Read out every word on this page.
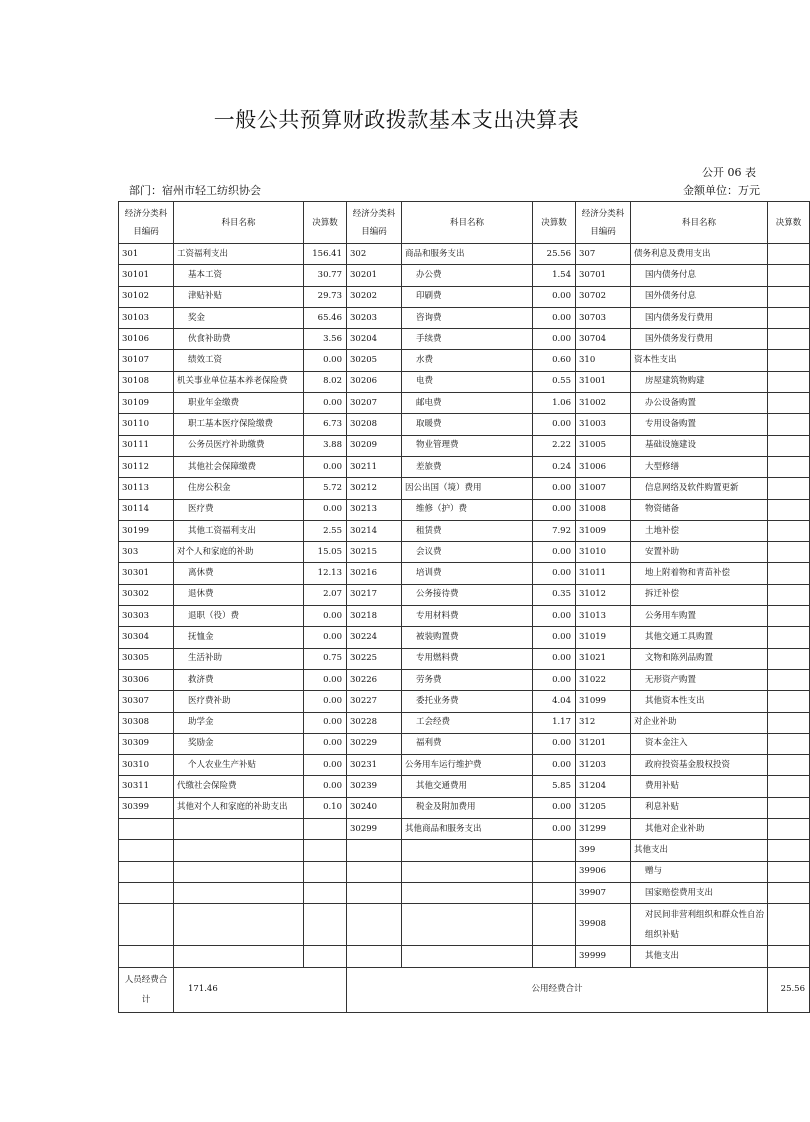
一般公共预算财政拨款基本支出决算表
公开 06 表
部门：宿州市轻工纺织协会	金额单位：万元
经济分类科目编码	科目名称	决算数	经济分类科目编码	科目名称	决算数	经济分类科目编码	科目名称	决算数
301	工资福利支出	156.41	302	商品和服务支出	25.56	307	债务利息及费用支出	
30101	基本工资	30.77	30201	办公费	1.54	30701	国内债务付息	
30102	津贴补贴	29.73	30202	印刷费	0.00	30702	国外债务付息	
30103	奖金	65.46	30203	咨询费	0.00	30703	国内债务发行费用	
30106	伙食补助费	3.56	30204	手续费	0.00	30704	国外债务发行费用	
30107	绩效工资	0.00	30205	水费	0.60	310	资本性支出	
30108	机关事业单位基本养老保险费	8.02	30206	电费	0.55	31001	房屋建筑物购建	
30109	职业年金缴费	0.00	30207	邮电费	1.06	31002	办公设备购置	
30110	职工基本医疗保险缴费	6.73	30208	取暖费	0.00	31003	专用设备购置	
30111	公务员医疗补助缴费	3.88	30209	物业管理费	2.22	31005	基础设施建设	
30112	其他社会保障缴费	0.00	30211	差旅费	0.24	31006	大型修缮	
30113	住房公积金	5.72	30212	因公出国（境）费用	0.00	31007	信息网络及软件购置更新	
30114	医疗费	0.00	30213	维修（护）费	0.00	31008	物资储备	
30199	其他工资福利支出	2.55	30214	租赁费	7.92	31009	土地补偿	
303	对个人和家庭的补助	15.05	30215	会议费	0.00	31010	安置补助	
30301	离休费	12.13	30216	培训费	0.00	31011	地上附着物和青苗补偿	
30302	退休费	2.07	30217	公务接待费	0.35	31012	拆迁补偿	
30303	退职（役）费	0.00	30218	专用材料费	0.00	31013	公务用车购置	
30304	抚恤金	0.00	30224	被装购置费	0.00	31019	其他交通工具购置	
30305	生活补助	0.75	30225	专用燃料费	0.00	31021	文物和陈列品购置	
30306	救济费	0.00	30226	劳务费	0.00	31022	无形资产购置	
30307	医疗费补助	0.00	30227	委托业务费	4.04	31099	其他资本性支出	
30308	助学金	0.00	30228	工会经费	1.17	312	对企业补助	
30309	奖励金	0.00	30229	福利费	0.00	31201	资本金注入	
30310	个人农业生产补贴	0.00	30231	公务用车运行维护费	0.00	31203	政府投资基金股权投资	
30311	代缴社会保险费	0.00	30239	其他交通费用	5.85	31204	费用补贴	
30399	其他对个人和家庭的补助支出	0.10	30240	税金及附加费用	0.00	31205	利息补贴	
			30299	其他商品和服务支出	0.00	31299	其他对企业补助	
						399	其他支出	
						39906	赠与	
						39907	国家赔偿费用支出	
						39908	对民间非营利组织和群众性自治组织补贴	
						39999	其他支出	
人员经费合计	171.46		公用经费合计					25.56
